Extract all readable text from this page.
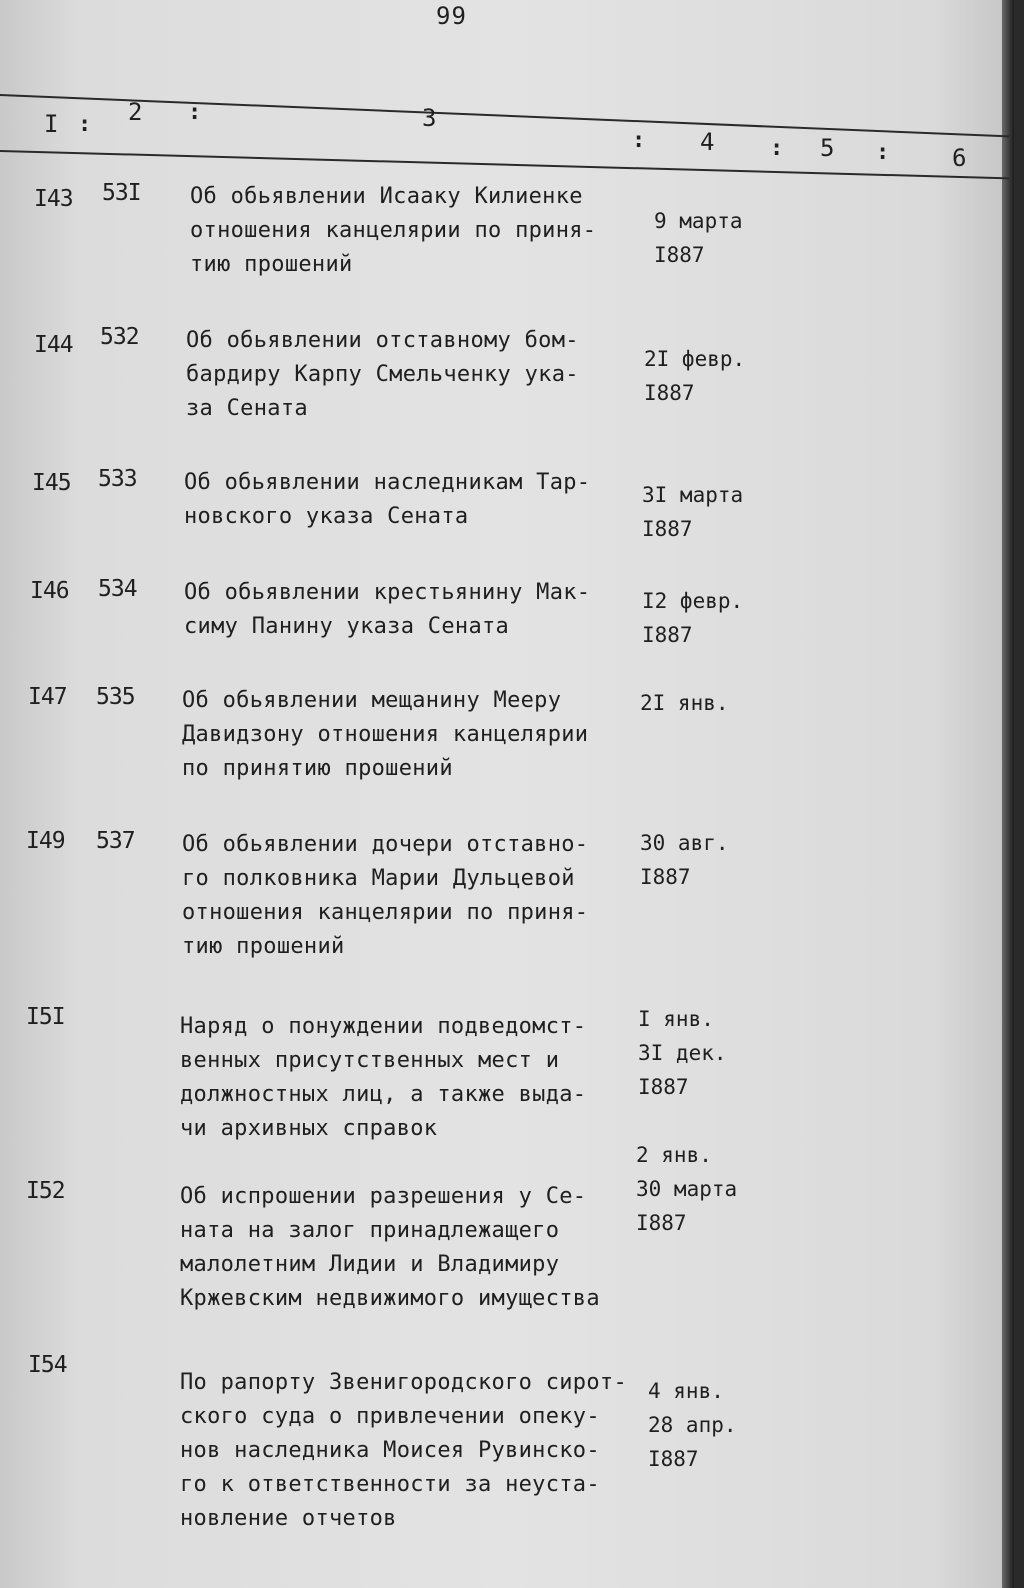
99
I : 2 :	3
: 4	: 5 :	6
I43 53I Об обьявлении Исааку Килиенке
отношения канцелярии по приня-
тию прошений
9 марта
I887
I44 532 Об обьявлении отставному бом-
бардиру Карпу Смельченку ука-
за Сената
2I февр.
I887
I45 533 Об обьявлении наследникам Тар-
новского указа Сената
3I марта
I887
I46 534 Об обьявлении крестьянину Мак-
симу Панину указа Сената
I2 февр.
I887
I47 535 Об обьявлении мещанину Мееру
Давидзону отношения канцелярии
по принятию прошений
2I янв.
I49 537 Об обьявлении дочери отставно-
го полковника Марии Дульцевой
отношения канцелярии по приня-
тию прошений
30 авг.
I887
I5I	Наряд о понуждении подведомст-
венных присутственных мест и
должностных лиц, а также выда-
чи архивных справок
I янв.
3I дек.
I887
I52	Об испрошении разрешения у Се-
ната на залог принадлежащего
малолетним Лидии и Владимиру
Кржевским недвижимого имущества
2 янв.
30 марта
I887
I54
По рапорту Звенигородского сирот-
ского суда о привлечении опеку-
нов наследника Моисея Рувинско-
го к ответственности за неуста-
новление отчетов
4 янв.
28 апр.
I887
